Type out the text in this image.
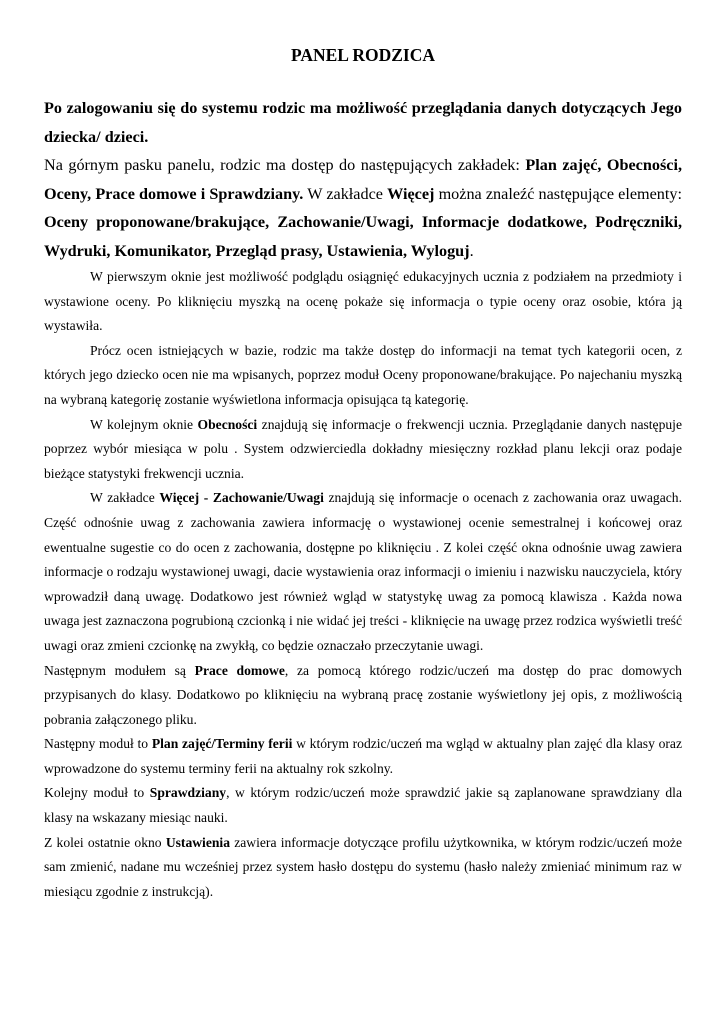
PANEL RODZICA

Po zalogowaniu się do systemu rodzic ma możliwość przeglądania danych dotyczących Jego dziecka/ dzieci.

Na górnym pasku panelu, rodzic ma dostęp do następujących zakładek: Plan zajęć, Obecności, Oceny, Prace domowe i Sprawdziany. W zakładce Więcej można znaleźć następujące elementy: Oceny proponowane/brakujące, Zachowanie/Uwagi, Informacje dodatkowe, Podręczniki, Wydruki, Komunikator, Przegląd prasy, Ustawienia, Wyloguj.

W pierwszym oknie jest możliwość podglądu osiągnięć edukacyjnych ucznia z podziałem na przedmioty i wystawione oceny. Po kliknięciu myszką na ocenę pokaże się informacja o typie oceny oraz osobie, która ją wystawiła.

Prócz ocen istniejących w bazie, rodzic ma także dostęp do informacji na temat tych kategorii ocen, z których jego dziecko ocen nie ma wpisanych, poprzez moduł Oceny proponowane/brakujące. Po najechaniu myszką na wybraną kategorię zostanie wyświetlona informacja opisująca tą kategorię.

W kolejnym oknie Obecności znajdują się informacje o frekwencji ucznia. Przeglądanie danych następuje poprzez wybór miesiąca w polu . System odzwierciedla dokładny miesięczny rozkład planu lekcji oraz podaje bieżące statystyki frekwencji ucznia.

W zakładce Więcej - Zachowanie/Uwagi znajdują się informacje o ocenach z zachowania oraz uwagach. Część odnośnie uwag z zachowania zawiera informację o wystawionej ocenie semestralnej i końcowej oraz ewentualne sugestie co do ocen z zachowania, dostępne po kliknięciu . Z kolei część okna odnośnie uwag zawiera informacje o rodzaju wystawionej uwagi, dacie wystawienia oraz informacji o imieniu i nazwisku nauczyciela, który wprowadził daną uwagę. Dodatkowo jest również wgląd w statystykę uwag za pomocą klawisza . Każda nowa uwaga jest zaznaczona pogrubioną czcionką i nie widać jej treści - kliknięcie na uwagę przez rodzica wyświetli treść uwagi oraz zmieni czcionkę na zwykłą, co będzie oznaczało przeczytanie uwagi.

Następnym modułem są Prace domowe, za pomocą którego rodzic/uczeń ma dostęp do prac domowych przypisanych do klasy. Dodatkowo po kliknięciu na wybraną pracę zostanie wyświetlony jej opis, z możliwością pobrania załączonego pliku.

Następny moduł to Plan zajęć/Terminy ferii w którym rodzic/uczeń ma wgląd w aktualny plan zajęć dla klasy oraz wprowadzone do systemu terminy ferii na aktualny rok szkolny.

Kolejny moduł to Sprawdziany, w którym rodzic/uczeń może sprawdzić jakie są zaplanowane sprawdziany dla klasy na wskazany miesiąc nauki.

Z kolei ostatnie okno Ustawienia zawiera informacje dotyczące profilu użytkownika, w którym rodzic/uczeń może sam zmienić, nadane mu wcześniej przez system hasło dostępu do systemu (hasło należy zmieniać minimum raz w miesiącu zgodnie z instrukcją).
